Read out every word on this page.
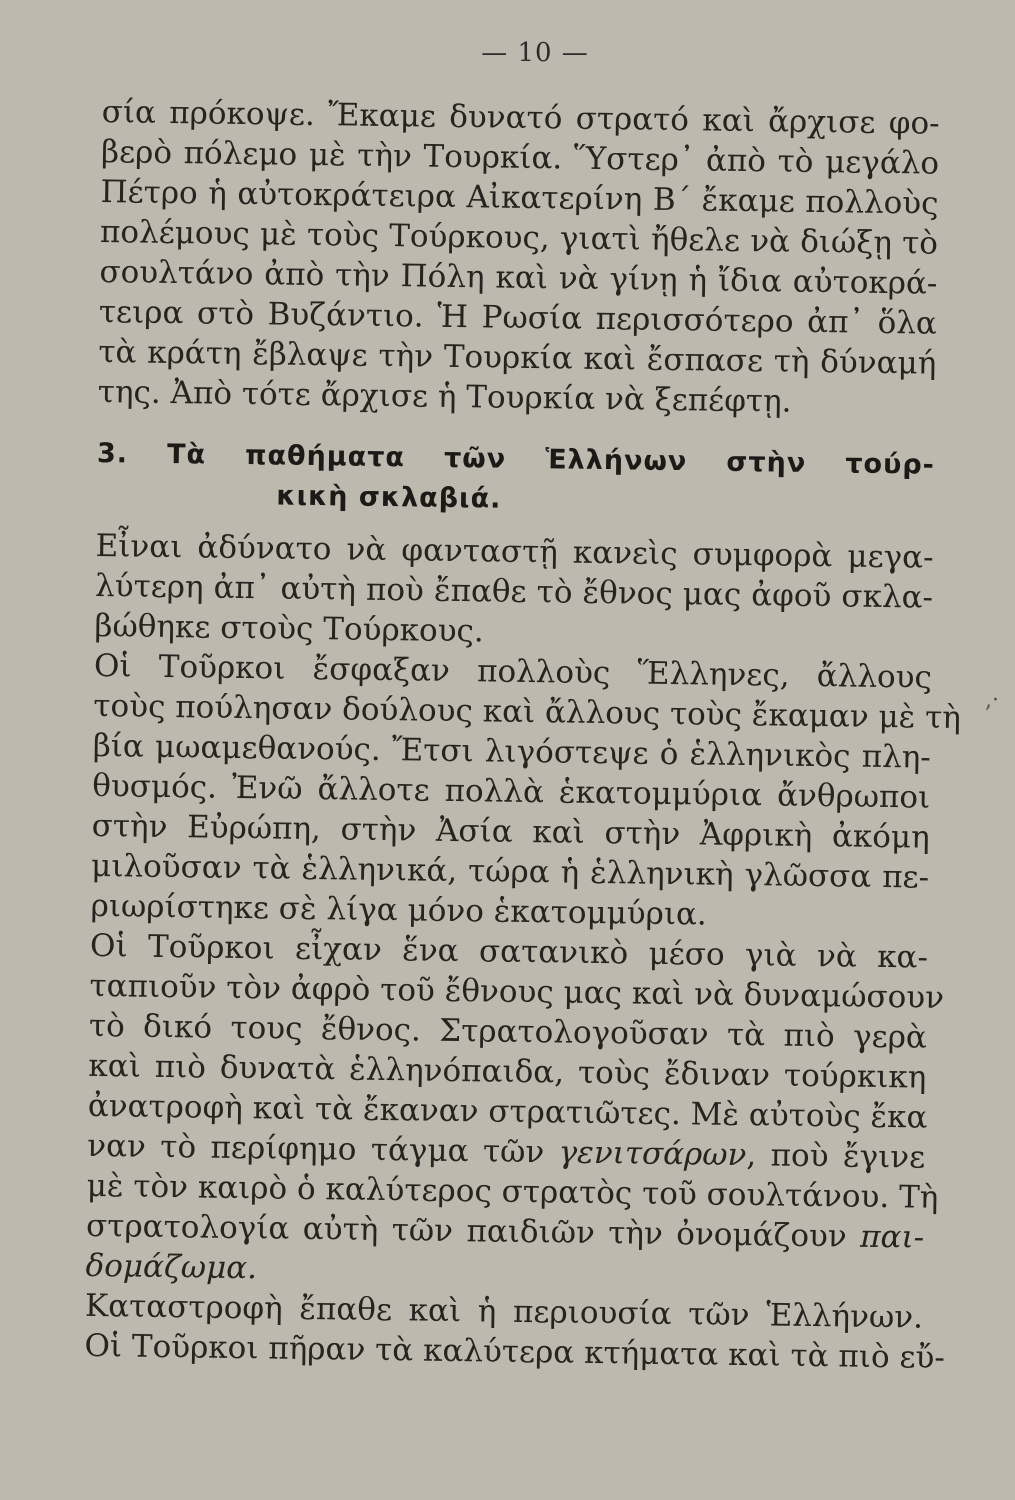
— 10 —
σία πρόκοψε. Ἔκαμε δυνατό στρατό καὶ ἄρχισε φο-
βερὸ πόλεμο μὲ τὴν Τουρκία. Ὕστερ᾽ ἀπὸ τὸ μεγάλο
Πέτρο ἡ αὐτοκράτειρα Αἰκατερίνη Β´ ἔκαμε πολλοὺς
πολέμους μὲ τοὺς Τούρκους, γιατὶ ἤθελε νὰ διώξῃ τὸ
σουλτάνο ἀπὸ τὴν Πόλη καὶ νὰ γίνῃ ἡ ἴδια αὐτοκρά-
τειρα στὸ Βυζάντιο. Ἡ Ρωσία περισσότερο ἀπ᾽ ὅλα
τὰ κράτη ἔβλαψε τὴν Τουρκία καὶ ἔσπασε τὴ δύναμή
της. Ἀπὸ τότε ἄρχισε ἡ Τουρκία νὰ ξεπέφτῃ.
3. Τὰ παθήματα τῶν Ἑλλήνων στὴν τούρ-
κικὴ σκλαβιά.
Εἶναι ἀδύνατο νὰ φανταστῇ κανεὶς συμφορὰ μεγα-
λύτερη ἀπ᾽ αὐτὴ ποὺ ἔπαθε τὸ ἔθνος μας ἀφοῦ σκλα-
βώθηκε στοὺς Τούρκους.
Οἱ Τοῦρκοι ἔσφαξαν πολλοὺς Ἕλληνες, ἄλλους
τοὺς πούλησαν δούλους καὶ ἄλλους τοὺς ἔκαμαν μὲ τὴ
βία μωαμεθανούς. Ἔτσι λιγόστεψε ὁ ἑλληνικὸς πλη-
θυσμός. Ἐνῶ ἄλλοτε πολλὰ ἑκατομμύρια ἄνθρωποι
στὴν Εὐρώπη, στὴν Ἀσία καὶ στὴν Ἀφρικὴ ἀκόμη
μιλοῦσαν τὰ ἑλληνικά, τώρα ἡ ἑλληνικὴ γλῶσσα πε-
ριωρίστηκε σὲ λίγα μόνο ἑκατομμύρια.
Οἱ Τοῦρκοι εἶχαν ἕνα σατανικὸ μέσο γιὰ νὰ κα-
ταπιοῦν τὸν ἀφρὸ τοῦ ἔθνους μας καὶ νὰ δυναμώσουν
τὸ δικό τους ἔθνος. Στρατολογοῦσαν τὰ πιὸ γερὰ
καὶ πιὸ δυνατὰ ἑλληνόπαιδα, τοὺς ἔδιναν τούρκικη
ἀνατροφὴ καὶ τὰ ἔκαναν στρατιῶτες. Μὲ αὐτοὺς ἔκα
ναν τὸ περίφημο τάγμα τῶν γενιτσάρων, ποὺ ἔγινε
μὲ τὸν καιρὸ ὁ καλύτερος στρατὸς τοῦ σουλτάνου. Τὴ
στρατολογία αὐτὴ τῶν παιδιῶν τὴν ὀνομάζουν παι-
δομάζωμα.
Καταστροφὴ ἔπαθε καὶ ἡ περιουσία τῶν Ἑλλήνων.
Οἱ Τοῦρκοι πῆραν τὰ καλύτερα κτήματα καὶ τὰ πιὸ εὔ-
,·
